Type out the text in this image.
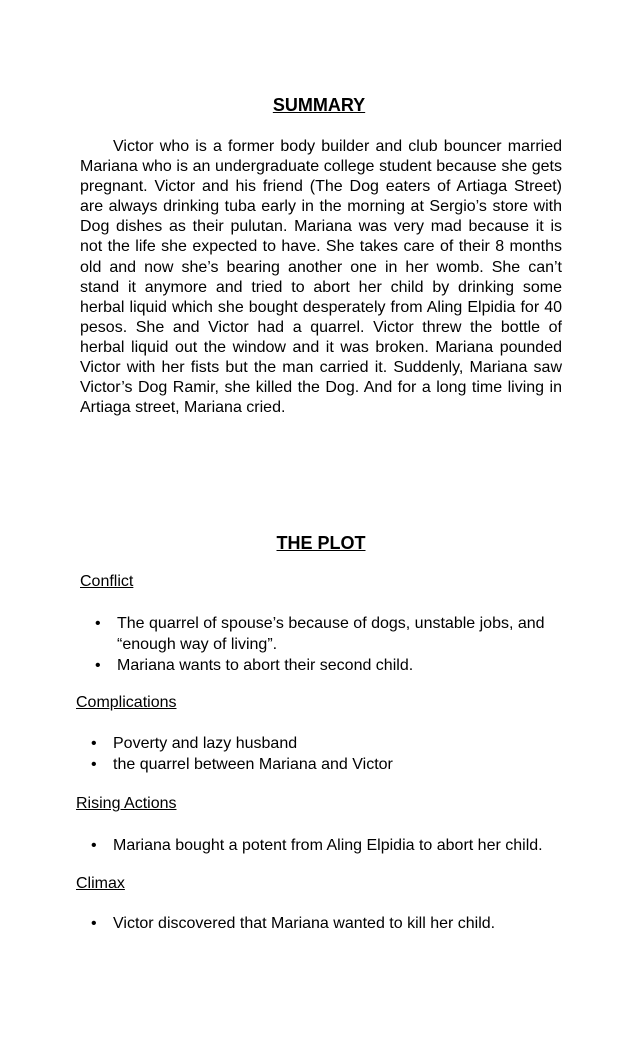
SUMMARY

Victor who is a former body builder and club bouncer married Mariana who is an undergraduate college student because she gets pregnant. Victor and his friend (The Dog eaters of Artiaga Street) are always drinking tuba early in the morning at Sergio’s store with Dog dishes as their pulutan. Mariana was very mad because it is not the life she expected to have. She takes care of their 8 months old and now she’s bearing another one in her womb. She can’t stand it anymore and tried to abort her child by drinking some herbal liquid which she bought desperately from Aling Elpidia for 40 pesos. She and Victor had a quarrel. Victor threw the bottle of herbal liquid out the window and it was broken. Mariana pounded Victor with her fists but the man carried it. Suddenly, Mariana saw Victor’s Dog Ramir, she killed the Dog. And for a long time living in Artiaga street, Mariana cried.

THE PLOT

Conflict

• The quarrel of spouse’s because of dogs, unstable jobs, and “enough way of living”.
• Mariana wants to abort their second child.

Complications

• Poverty and lazy husband
• the quarrel between Mariana and Victor

Rising Actions

• Mariana bought a potent from Aling Elpidia to abort her child.

Climax

• Victor discovered that Mariana wanted to kill her child.
